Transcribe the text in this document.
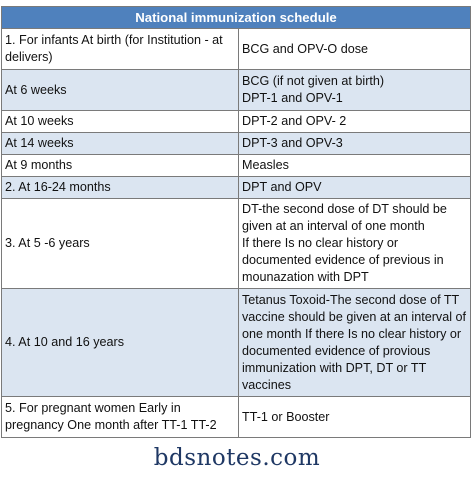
National immunization schedule	
1. For infants At birth (for Institution - at delivers)	BCG and OPV-O dose
At 6 weeks	BCG (if not given at birth)
DPT-1 and OPV-1
At 10 weeks	DPT-2 and OPV- 2
At 14 weeks	DPT-3 and OPV-3
At 9 months	Measles
2. At 16-24 months	DPT and OPV
3. At 5 -6 years	DT-the second dose of DT should be given at an interval of one month
If there Is no clear history or documented evidence of previous in mounazation with DPT
4. At 10 and 16 years	Tetanus Toxoid-The second dose of TT vaccine should be given at an interval of one month If there Is no clear history or documented evidence of provious immunization with DPT, DT or TT vaccines
5. For pregnant women Early in pregnancy One month after TT-1 TT-2	TT-1 or Booster
bdsnotes.com
